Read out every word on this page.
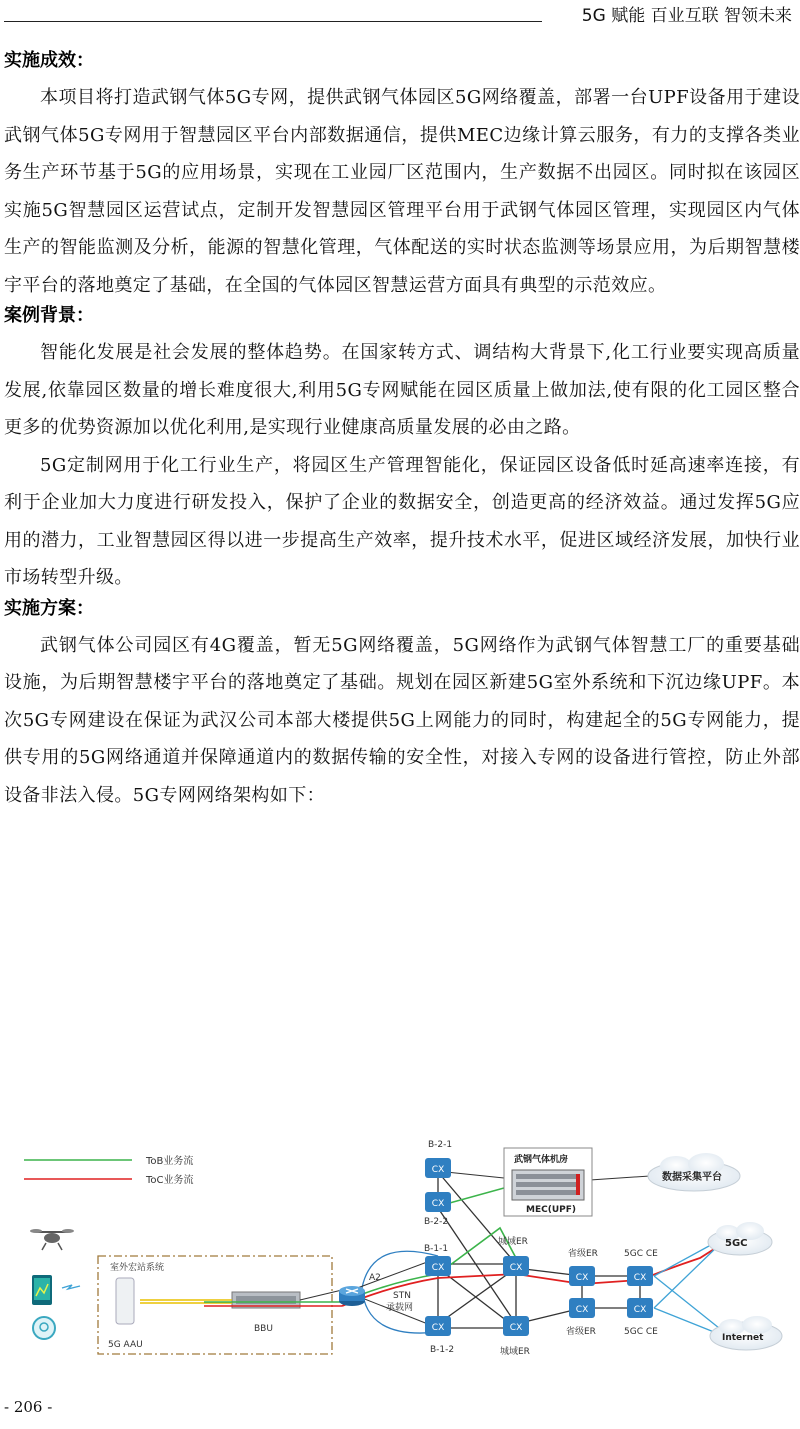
5G 赋能 百业互联 智领未来

实施成效：

本项目将打造武钢气体5G专网，提供武钢气体园区5G网络覆盖，部署一台UPF设备用于建设武钢气体5G专网用于智慧园区平台内部数据通信，提供MEC边缘计算云服务，有力的支撑各类业务生产环节基于5G的应用场景，实现在工业园厂区范围内，生产数据不出园区。同时拟在该园区实施5G智慧园区运营试点，定制开发智慧园区管理平台用于武钢气体园区管理，实现园区内气体生产的智能监测及分析，能源的智慧化管理，气体配送的实时状态监测等场景应用，为后期智慧楼宇平台的落地奠定了基础，在全国的气体园区智慧运营方面具有典型的示范效应。

案例背景：

智能化发展是社会发展的整体趋势。在国家转方式、调结构大背景下,化工行业要实现高质量发展,依靠园区数量的增长难度很大,利用5G专网赋能在园区质量上做加法,使有限的化工园区整合更多的优势资源加以优化利用,是实现行业健康高质量发展的必由之路。

5G定制网用于化工行业生产，将园区生产管理智能化，保证园区设备低时延高速率连接，有利于企业加大力度进行研发投入，保护了企业的数据安全，创造更高的经济效益。通过发挥5G应用的潜力，工业智慧园区得以进一步提高生产效率，提升技术水平，促进区域经济发展，加快行业市场转型升级。

实施方案：

武钢气体公司园区有4G覆盖，暂无5G网络覆盖，5G网络作为武钢气体智慧工厂的重要基础设施，为后期智慧楼宇平台的落地奠定了基础。规划在园区新建5G室外系统和下沉边缘UPF。本次5G专网建设在保证为武汉公司本部大楼提供5G上网能力的同时，构建起全的5G专网能力，提供专用的5G网络通道并保障通道内的数据传输的安全性，对接入专网的设备进行管控，防止外部设备非法入侵。5G专网网络架构如下：

ToB业务流
ToC业务流
室外宏站系统
5G AAU
BBU
A2
STN
承载网
CX
CX
CX
CX
CX
CX
CX
CX
CX
CX
B-2-1
B-2-2
B-1-1
B-1-2
城域ER
城域ER
省级ER
省级ER
5GC CE
5GC CE
武钢气体机房
MEC(UPF)
数据采集平台
5GC
Internet
- 206 -
